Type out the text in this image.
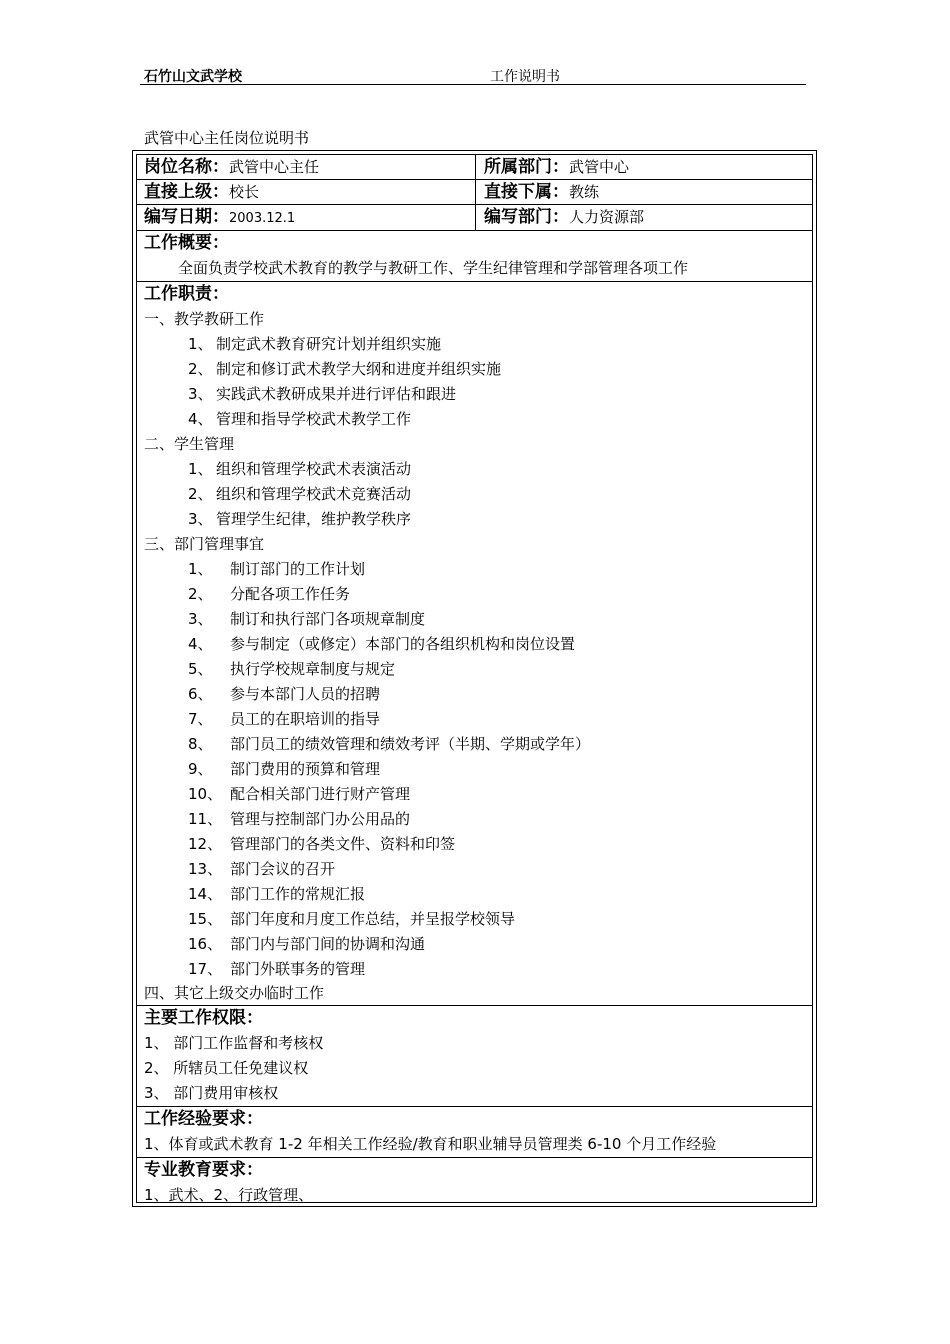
石竹山文武学校	工作说明书
武管中心主任岗位说明书
岗位名称：武管中心主任	所属部门：武管中心
直接上级：校长	直接下属：教练
编写日期：2003.12.1	编写部门：人力资源部
工作概要：
全面负责学校武术教育的教学与教研工作、学生纪律管理和学部管理各项工作
工作职责：
一、教学教研工作
1、 制定武术教育研究计划并组织实施
2、 制定和修订武术教学大纲和进度并组织实施
3、 实践武术教研成果并进行评估和跟进
4、 管理和指导学校武术教学工作
二、学生管理
1、 组织和管理学校武术表演活动
2、 组织和管理学校武术竞赛活动
3、 管理学生纪律，维护教学秩序
三、部门管理事宜
1、 制订部门的工作计划
2、 分配各项工作任务
3、 制订和执行部门各项规章制度
4、 参与制定（或修定）本部门的各组织机构和岗位设置
5、 执行学校规章制度与规定
6、 参与本部门人员的招聘
7、 员工的在职培训的指导
8、 部门员工的绩效管理和绩效考评（半期、学期或学年）
9、 部门费用的预算和管理
10、 配合相关部门进行财产管理
11、 管理与控制部门办公用品的
12、 管理部门的各类文件、资料和印签
13、 部门会议的召开
14、 部门工作的常规汇报
15、 部门年度和月度工作总结，并呈报学校领导
16、 部门内与部门间的协调和沟通
17、 部门外联事务的管理
四、其它上级交办临时工作
主要工作权限：
1、 部门工作监督和考核权
2、 所辖员工任免建议权
3、 部门费用审核权
工作经验要求：
1、体育或武术教育 1-2 年相关工作经验/教育和职业辅导员管理类 6-10 个月工作经验
专业教育要求：
1、武术、2、行政管理、
